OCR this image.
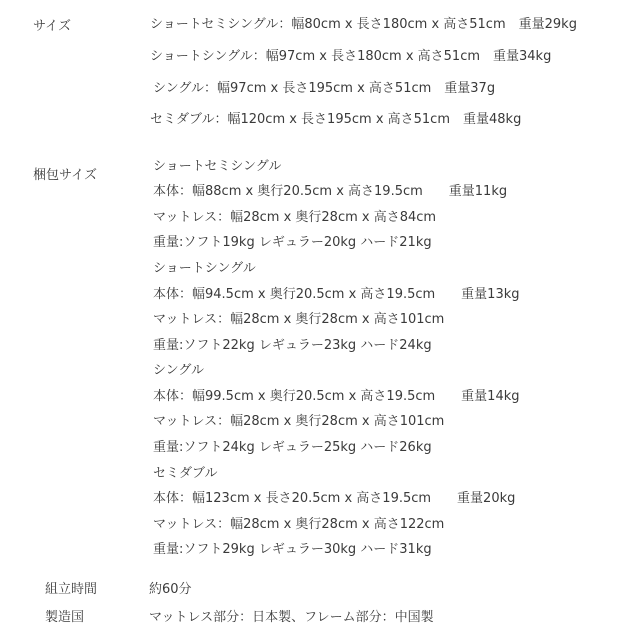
サイズ	ショートセミシングル：幅80cm x 長さ180cm x 高さ51cm　重量29kg
ショートシングル：幅97cm x 長さ180cm x 高さ51cm　重量34kg
シングル：幅97cm x 長さ195cm x 高さ51cm　重量37g
セミダブル：幅120cm x 長さ195cm x 高さ51cm　重量48kg
梱包サイズ
ショートセミシングル
本体：幅88cm x 奥行20.5cm x 高さ19.5cm　　重量11kg
マットレス：幅28cm x 奥行28cm x 高さ84cm
重量:ソフト19kg レギュラー20kg ハード21kg
ショートシングル
本体：幅94.5cm x 奥行20.5cm x 高さ19.5cm　　重量13kg
マットレス：幅28cm x 奥行28cm x 高さ101cm
重量:ソフト22kg レギュラー23kg ハード24kg
シングル
本体：幅99.5cm x 奥行20.5cm x 高さ19.5cm　　重量14kg
マットレス：幅28cm x 奥行28cm x 高さ101cm
重量:ソフト24kg レギュラー25kg ハード26kg
セミダブル
本体：幅123cm x 長さ20.5cm x 高さ19.5cm　　重量20kg
マットレス：幅28cm x 奥行28cm x 高さ122cm
重量:ソフト29kg レギュラー30kg ハード31kg
組立時間	約60分
製造国	マットレス部分：日本製、フレーム部分：中国製
